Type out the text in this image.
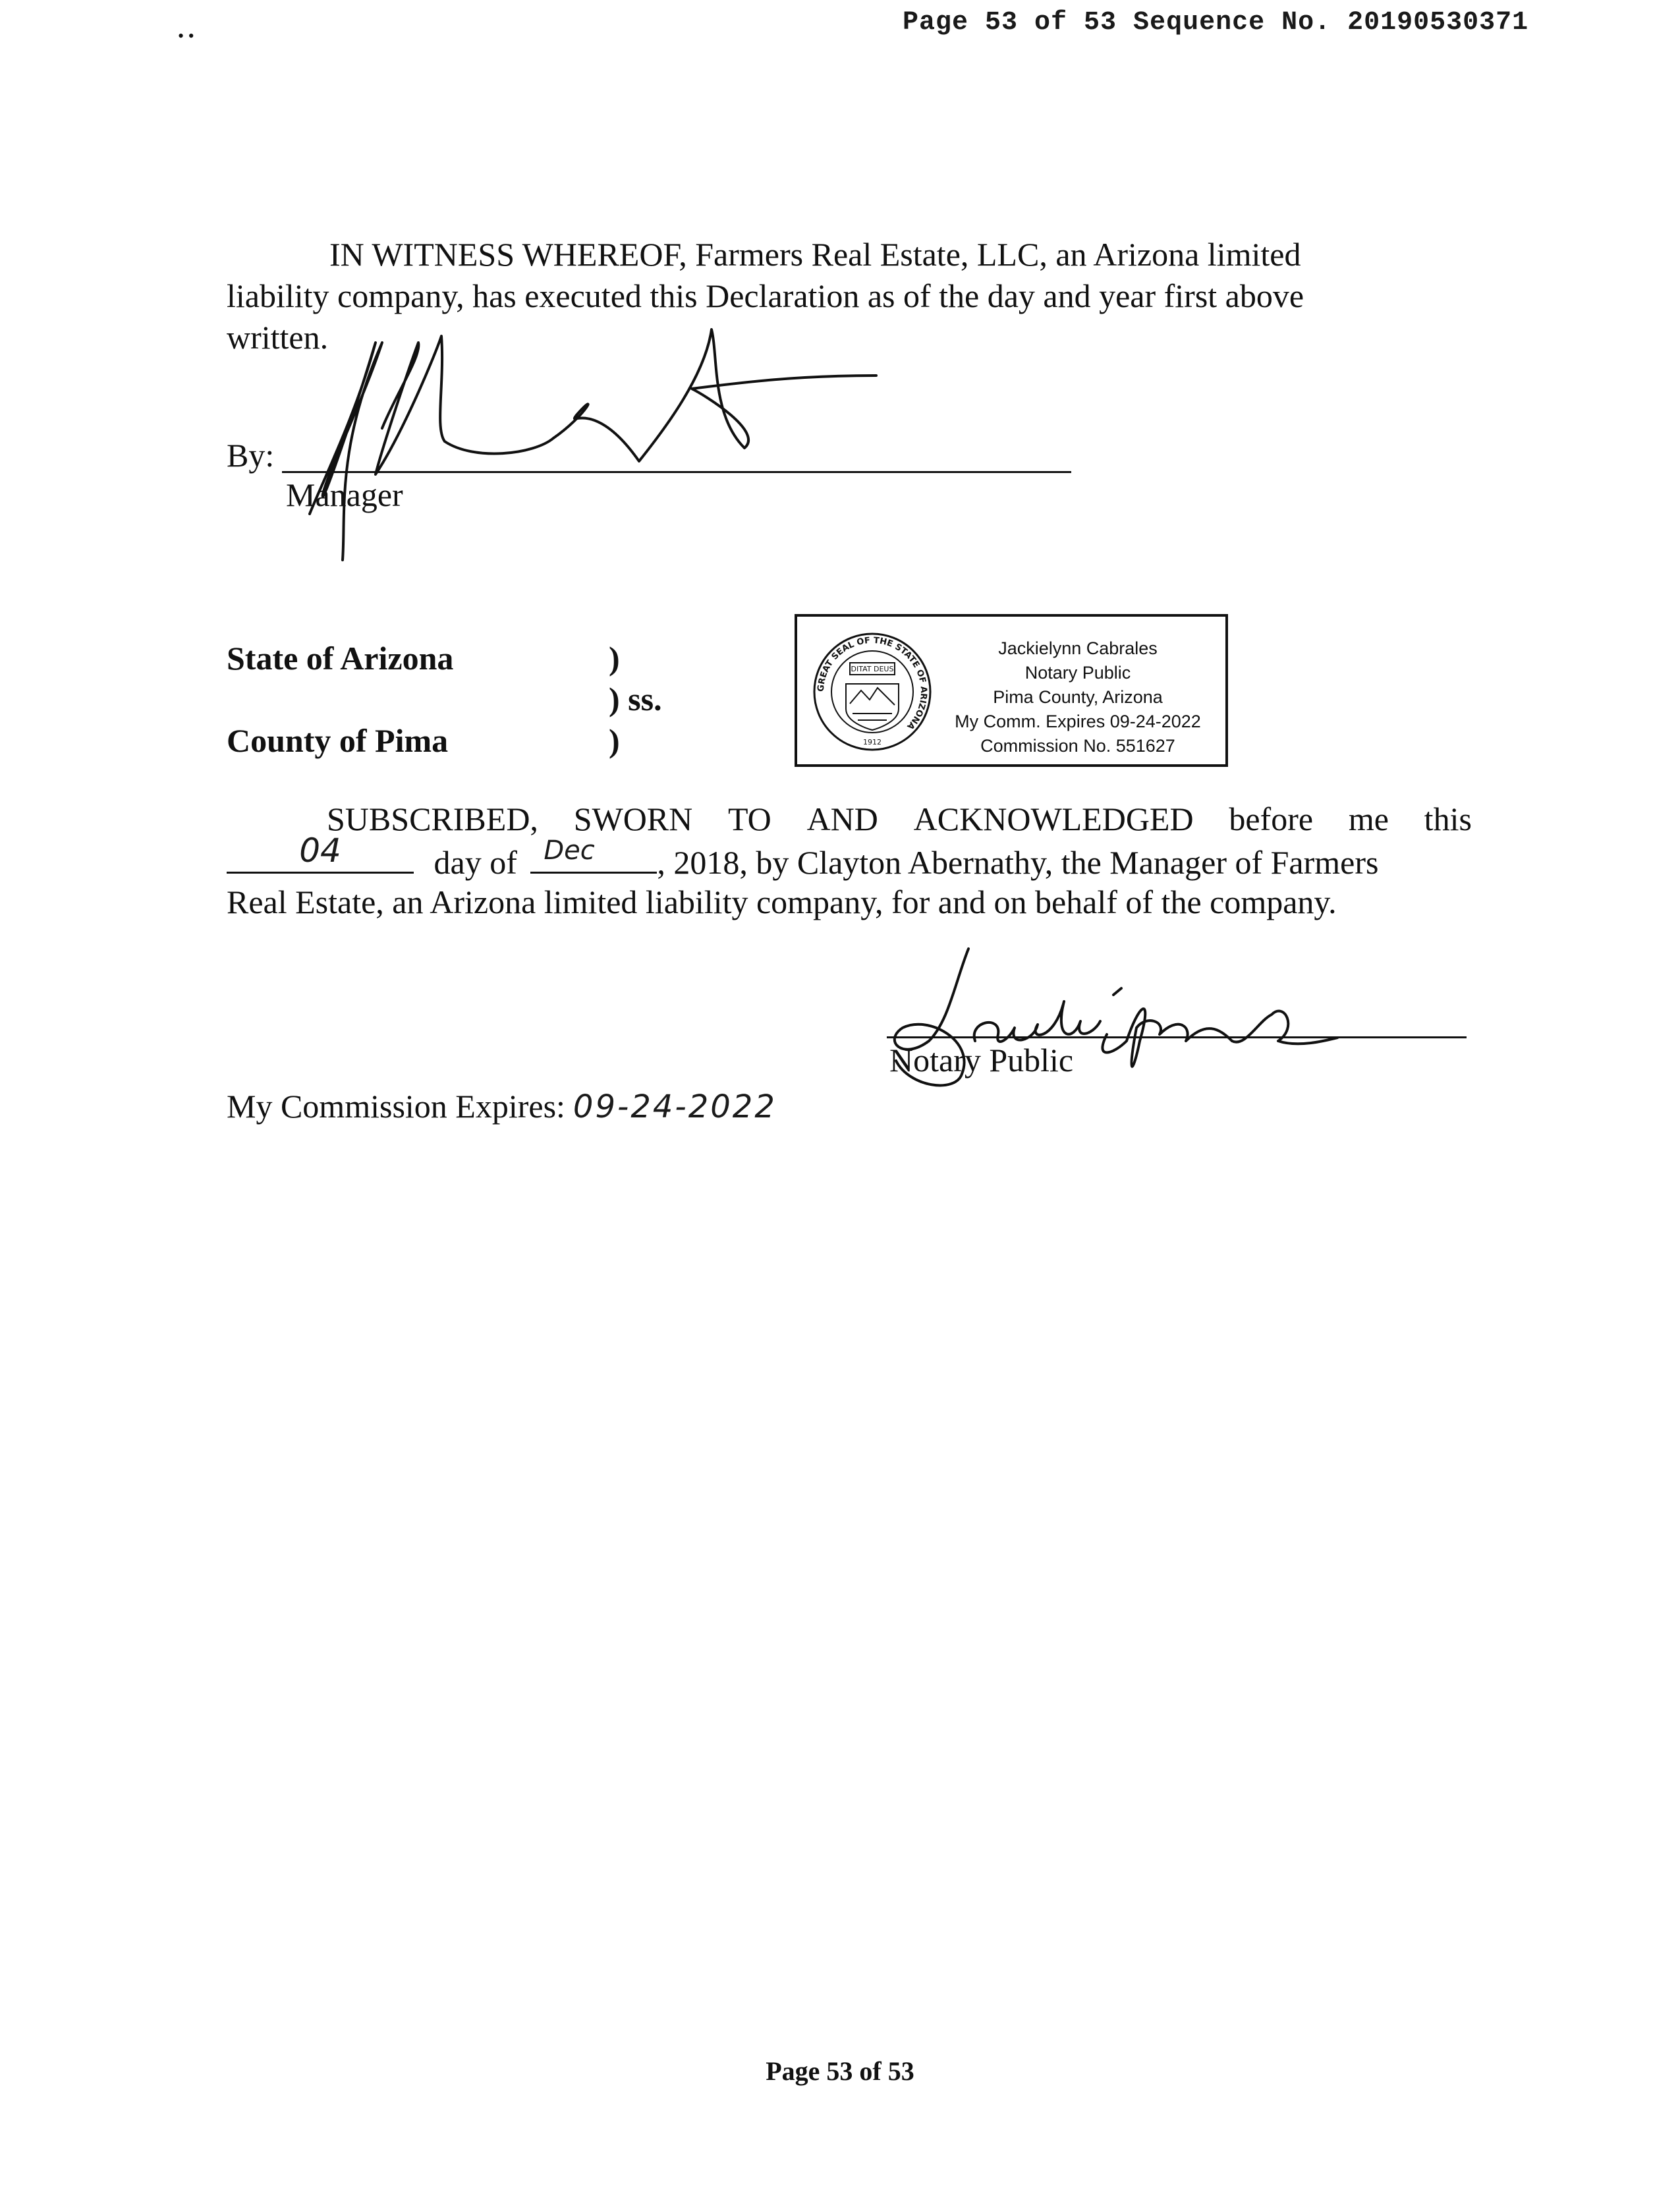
Page 53 of 53 Sequence No. 20190530371
• •
IN WITNESS WHEREOF, Farmers Real Estate, LLC, an Arizona limited
liability company, has executed this Declaration as of the day and year first above
written.
By:
Manager
State of Arizona
County of Pima
)
) ss.
)
GREAT SEAL OF THE STATE OF ARIZONA
DITAT DEUS
1912
Jackielynn Cabrales
Notary Public
Pima County, Arizona
My Comm. Expires 09-24-2022
Commission No. 551627
SUBSCRIBED, SWORN TO AND ACKNOWLEDGED before me this
04	day of	Dec	, 2018, by Clayton Abernathy, the Manager of Farmers
Real Estate, an Arizona limited liability company, for and on behalf of the company.
Notary Public
My Commission Expires: 09-24-2022
Page 53 of 53
